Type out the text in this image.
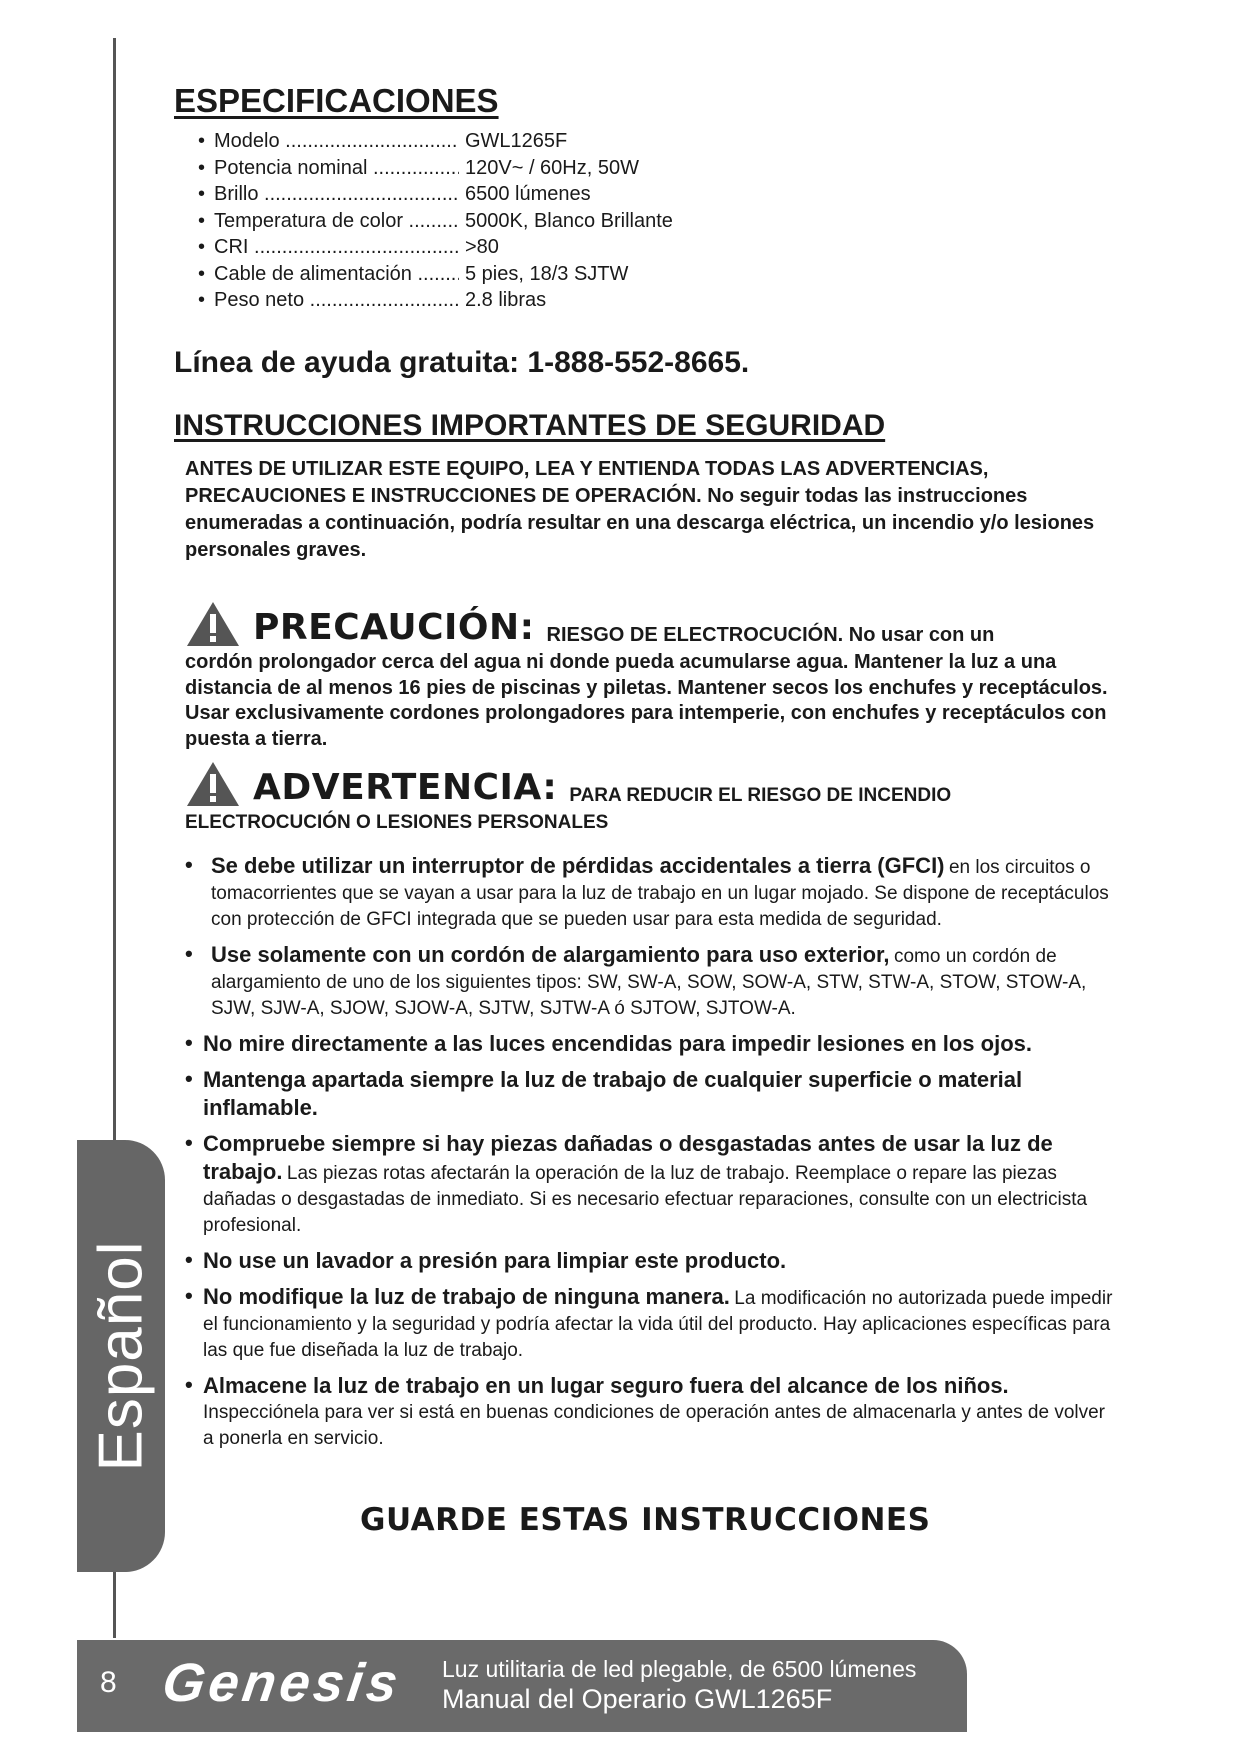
ESPECIFICACIONES
• Modelo .....	GWL1265F
• Potencia nominal .....	120V~ / 60Hz, 50W
• Brillo .....	6500 lúmenes
• Temperatura de color .....	5000K, Blanco Brillante
• CRI .....	>80
• Cable de alimentación .....	5 pies, 18/3 SJTW
• Peso neto .....	2.8 libras
Línea de ayuda gratuita: 1-888-552-8665.
INSTRUCCIONES IMPORTANTES DE SEGURIDAD
ANTES DE UTILIZAR ESTE EQUIPO, LEA Y ENTIENDA TODAS LAS ADVERTENCIAS, PRECAUCIONES E INSTRUCCIONES DE OPERACIÓN. No seguir todas las instrucciones enumeradas a continuación, podría resultar en una descarga eléctrica, un incendio y/o lesiones personales graves.
PRECAUCIÓN: RIESGO DE ELECTROCUCIÓN. No usar con un
cordón prolongador cerca del agua ni donde pueda acumularse agua. Mantener la luz a una distancia de al menos 16 pies de piscinas y piletas. Mantener secos los enchufes y receptáculos. Usar exclusivamente cordones prolongadores para intemperie, con enchufes y receptáculos con puesta a tierra.
ADVERTENCIA: PARA REDUCIR EL RIESGO DE INCENDIO
ELECTROCUCIÓN O LESIONES PERSONALES
• Se debe utilizar un interruptor de pérdidas accidentales a tierra (GFCI) en los circuitos o tomacorrientes que se vayan a usar para la luz de trabajo en un lugar mojado. Se dispone de receptáculos con protección de GFCI integrada que se pueden usar para esta medida de seguridad.
• Use solamente con un cordón de alargamiento para uso exterior, como un cordón de alargamiento de uno de los siguientes tipos: SW, SW-A, SOW, SOW-A, STW, STW-A, STOW, STOW-A, SJW, SJW-A, SJOW, SJOW-A, SJTW, SJTW-A ó SJTOW, SJTOW-A.
• No mire directamente a las luces encendidas para impedir lesiones en los ojos.
• Mantenga apartada siempre la luz de trabajo de cualquier superficie o material inflamable.
• Compruebe siempre si hay piezas dañadas o desgastadas antes de usar la luz de trabajo. Las piezas rotas afectarán la operación de la luz de trabajo. Reemplace o repare las piezas dañadas o desgastadas de inmediato. Si es necesario efectuar reparaciones, consulte con un electricista profesional.
• No use un lavador a presión para limpiar este producto.
• No modifique la luz de trabajo de ninguna manera. La modificación no autorizada puede impedir el funcionamiento y la seguridad y podría afectar la vida útil del producto. Hay aplicaciones específicas para las que fue diseñada la luz de trabajo.
• Almacene la luz de trabajo en un lugar seguro fuera del alcance de los niños. Inspecciónela para ver si está en buenas condiciones de operación antes de almacenarla y antes de volver a ponerla en servicio.
GUARDE ESTAS INSTRUCCIONES
Español
8 Genesis Luz utilitaria de led plegable, de 6500 lúmenes
Manual del Operario GWL1265F
